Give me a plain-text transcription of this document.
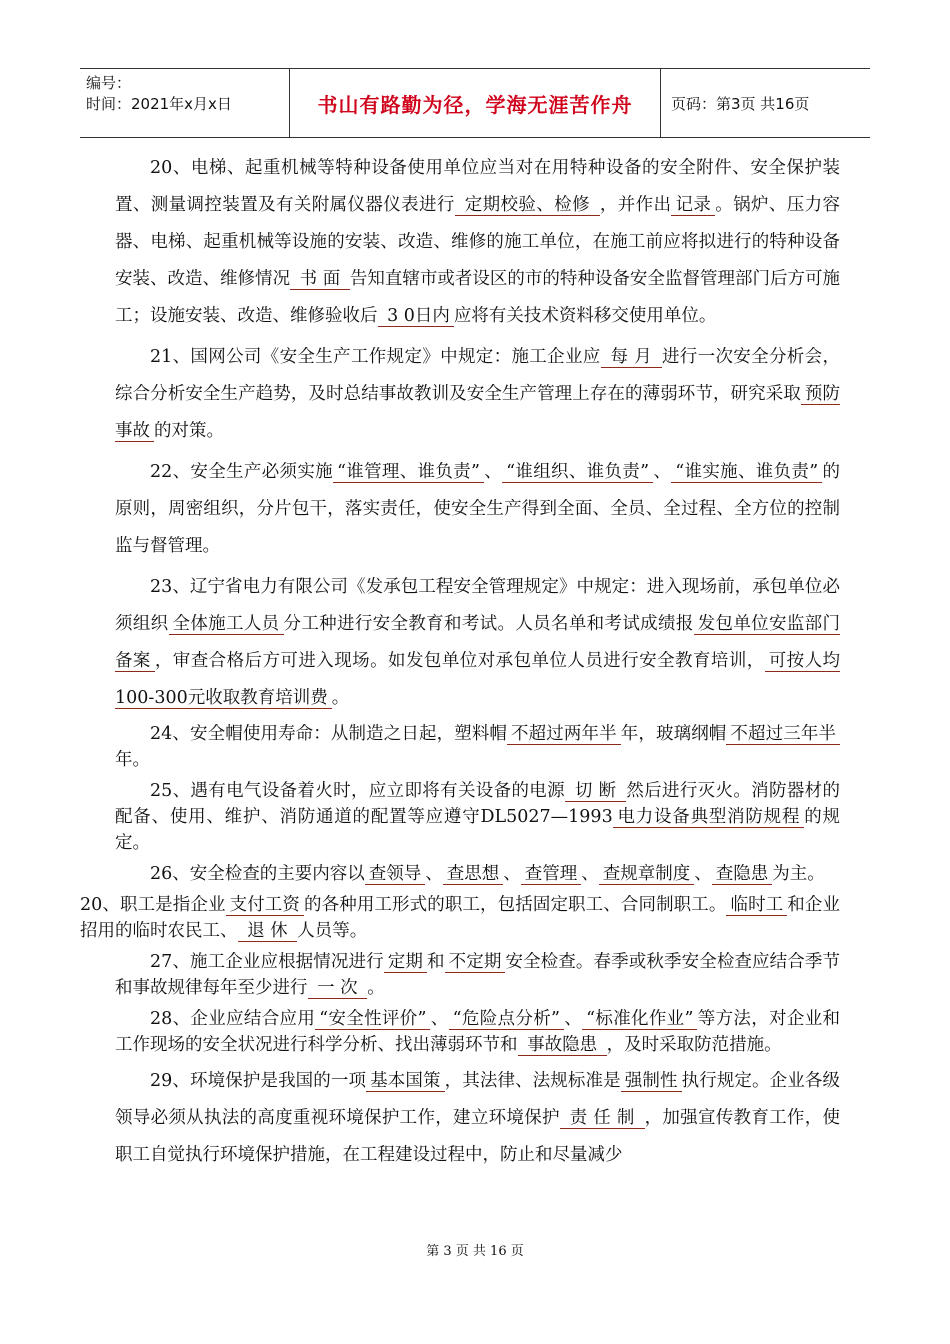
编号：
时间：2021年x月x日	书山有路勤为径，学海无涯苦作舟	页码：第3页 共16页

20、电梯、起重机械等特种设备使用单位应当对在用特种设备的安全附件、安全保护装置、测量调控装置及有关附属仪器仪表进行 定期校验、检修 ，并作出 记录 。锅炉、压力容器、电梯、起重机械等设施的安装、改造、维修的施工单位，在施工前应将拟进行的特种设备安装、改造、维修情况 书 面 告知直辖市或者设区的市的特种设备安全监督管理部门后方可施工；设施安装、改造、维修验收后 3 0日内 应将有关技术资料移交使用单位。

21、国网公司《安全生产工作规定》中规定：施工企业应 每 月 进行一次安全分析会，综合分析安全生产趋势，及时总结事故教训及安全生产管理上存在的薄弱环节，研究采取 预防事故 的对策。

22、安全生产必须实施 “谁管理、谁负责” 、 “谁组织、谁负责” 、 “谁实施、谁负责” 的原则，周密组织，分片包干，落实责任，使安全生产得到全面、全员、全过程、全方位的控制监与督管理。

23、辽宁省电力有限公司《发承包工程安全管理规定》中规定：进入现场前，承包单位必须组织 全体施工人员 分工种进行安全教育和考试。人员名单和考试成绩报 发包单位安监部门备案 ，审查合格后方可进入现场。如发包单位对承包单位人员进行安全教育培训， 可按人均100-300元收取教育培训费 。

24、安全帽使用寿命：从制造之日起，塑料帽 不超过两年半 年，玻璃纲帽 不超过三年半年。

25、遇有电气设备着火时，应立即将有关设备的电源 切 断 然后进行灭火。消防器材的配备、使用、维护、消防通道的配置等应遵守DL5027—1993 电力设备典型消防规程 的规定。

26、安全检查的主要内容以 查领导 、 查思想 、 查管理 、 查规章制度 、 查隐患 为主。

20、职工是指企业 支付工资 的各种用工形式的职工，包括固定职工、合同制职工。 临时工 和企业招用的临时农民工、 退 休 人员等。

27、施工企业应根据情况进行 定期 和 不定期 安全检查。春季或秋季安全检查应结合季节和事故规律每年至少进行 一 次 。

28、企业应结合应用 “安全性评价” 、 “危险点分析” 、 “标准化作业” 等方法，对企业和工作现场的安全状况进行科学分析、找出薄弱环节和 事故隐患 ，及时采取防范措施。

29、环境保护是我国的一项 基本国策 ，其法律、法规标准是 强制性 执行规定。企业各级领导必须从执法的高度重视环境保护工作，建立环境保护 责 任 制 ，加强宣传教育工作，使职工自觉执行环境保护措施，在工程建设过程中，防止和尽量减少

第 3 页 共 16 页
